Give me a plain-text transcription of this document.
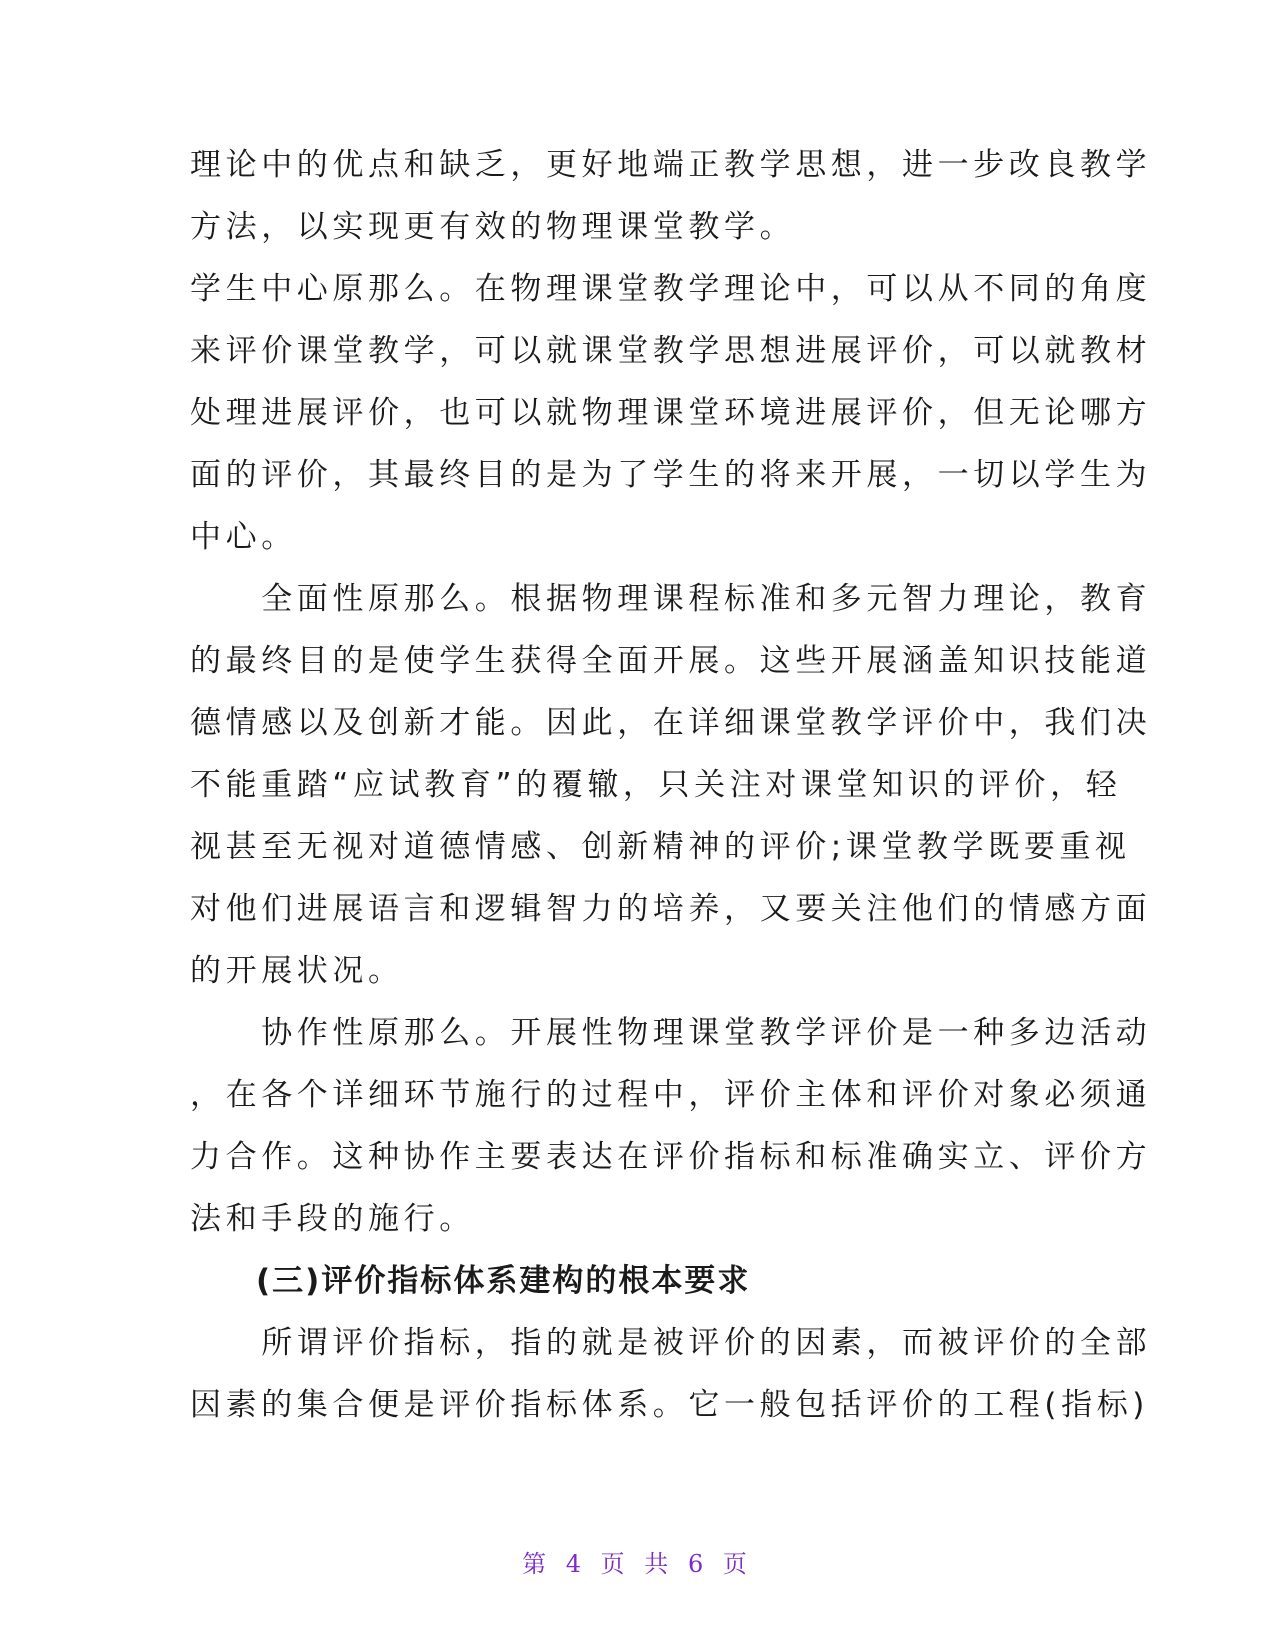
理论中的优点和缺乏，更好地端正教学思想，进一步改良教学
方法，以实现更有效的物理课堂教学。
学生中心原那么。在物理课堂教学理论中，可以从不同的角度
来评价课堂教学，可以就课堂教学思想进展评价，可以就教材
处理进展评价，也可以就物理课堂环境进展评价，但无论哪方
面的评价，其最终目的是为了学生的将来开展，一切以学生为
中心。
　　全面性原那么。根据物理课程标准和多元智力理论，教育
的最终目的是使学生获得全面开展。这些开展涵盖知识技能道
德情感以及创新才能。因此，在详细课堂教学评价中，我们决
不能重踏“应试教育”的覆辙，只关注对课堂知识的评价，轻
视甚至无视对道德情感、创新精神的评价;课堂教学既要重视
对他们进展语言和逻辑智力的培养，又要关注他们的情感方面
的开展状况。
　　协作性原那么。开展性物理课堂教学评价是一种多边活动
，在各个详细环节施行的过程中，评价主体和评价对象必须通
力合作。这种协作主要表达在评价指标和标准确实立、评价方
法和手段的施行。
　　(三)评价指标体系建构的根本要求
　　所谓评价指标，指的就是被评价的因素，而被评价的全部
因素的集合便是评价指标体系。它一般包括评价的工程(指标)
第 4 页 共 6 页
